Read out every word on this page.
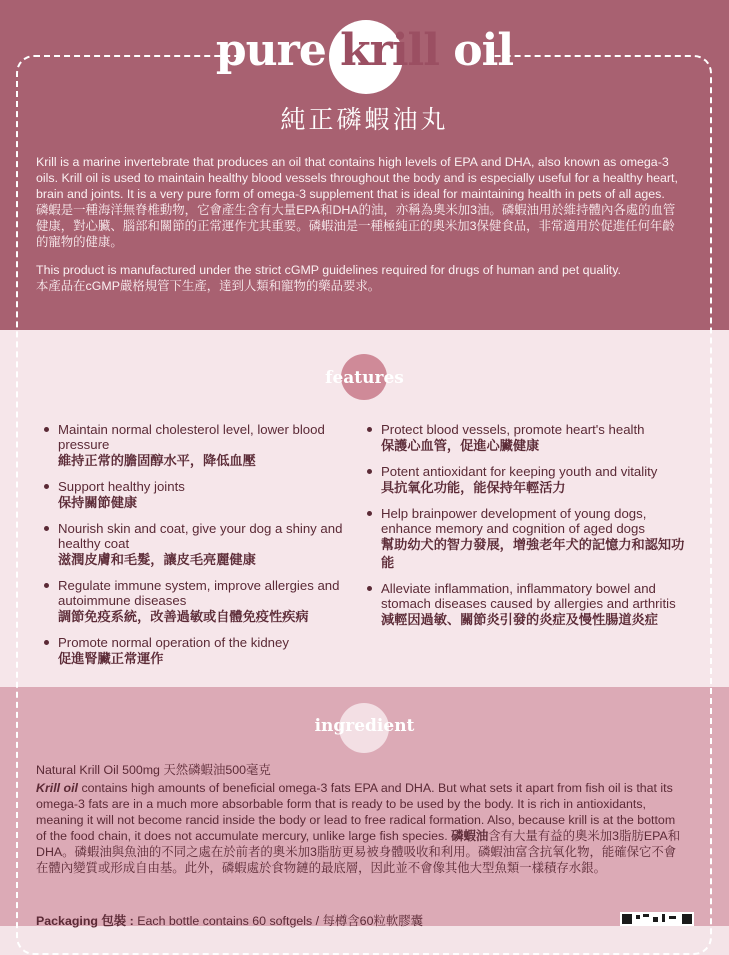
pure krill oil
純正磷蝦油丸

Krill is a marine invertebrate that produces an oil that contains high levels of EPA and DHA, also known as omega-3 oils. Krill oil is used to maintain healthy blood vessels throughout the body and is especially useful for a healthy heart, brain and joints. It is a very pure form of omega-3 supplement that is ideal for maintaining health in pets of all ages.

磷蝦是一種海洋無脊椎動物，它會產生含有大量EPA和DHA的油，亦稱為奧米加3油。磷蝦油用於維持體內各處的血管健康，對心臟、腦部和關節的正常運作尤其重要。磷蝦油是一種極純正的奧米加3保健食品，非常適用於促進任何年齡的寵物的健康。

This product is manufactured under the strict cGMP guidelines required for drugs of human and pet quality.

本產品在cGMP嚴格規管下生產，達到人類和寵物的藥品要求。

features
Maintain normal cholesterol level, lower blood pressure
維持正常的膽固醇水平，降低血壓
Support healthy joints
保持關節健康
Nourish skin and coat, give your dog a shiny and healthy coat
滋潤皮膚和毛髮，讓皮毛亮麗健康
Regulate immune system, improve allergies and autoimmune diseases
調節免疫系統，改善過敏或自體免疫性疾病
Promote normal operation of the kidney
促進腎臟正常運作
Protect blood vessels, promote heart's health
保護心血管，促進心臟健康
Potent antioxidant for keeping youth and vitality
具抗氧化功能，能保持年輕活力
Help brainpower development of young dogs, enhance memory and cognition of aged dogs
幫助幼犬的智力發展，增強老年犬的記憶力和認知功能
Alleviate inflammation, inflammatory bowel and stomach diseases caused by allergies and arthritis
減輕因過敏、關節炎引發的炎症及慢性腸道炎症
ingredient
Natural Krill Oil 500mg 天然磷蝦油500毫克

Krill oil contains high amounts of beneficial omega-3 fats EPA and DHA. But what sets it apart from fish oil is that its omega-3 fats are in a much more absorbable form that is ready to be used by the body. It is rich in antioxidants, meaning it will not become rancid inside the body or lead to free radical formation. Also, because krill is at the bottom of the food chain, it does not accumulate mercury, unlike large fish species. 磷蝦油含有大量有益的奧米加3脂肪EPA和DHA。磷蝦油與魚油的不同之處在於前者的奧米加3脂肪更易被身體吸收和利用。磷蝦油富含抗氧化物，能確保它不會在體內變質或形成自由基。此外，磷蝦處於食物鏈的最底層，因此並不會像其他大型魚類一樣積存水銀。

Packaging 包裝 : Each bottle contains 60 softgels / 每樽含60粒軟膠囊
